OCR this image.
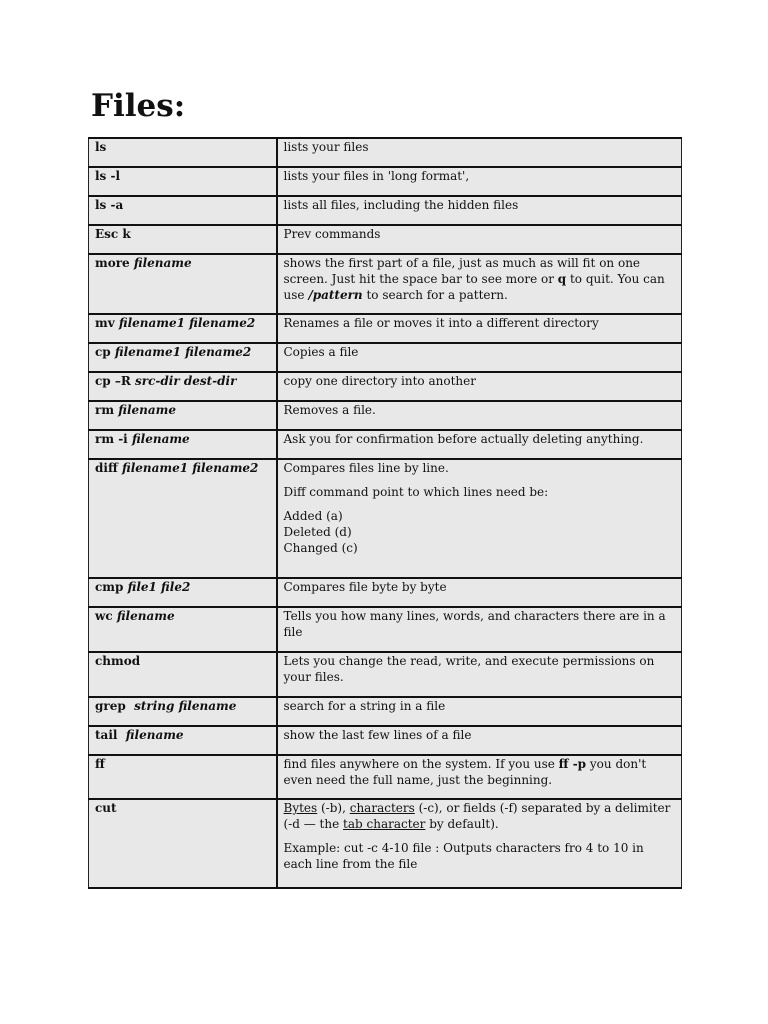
Files:
ls	lists your files
ls -l	lists your files in 'long format',
ls -a	lists all files, including the hidden files
Esc k	Prev commands
more filename	shows the first part of a file, just as much as will fit on one screen. Just hit the space bar to see more or q to quit. You can use /pattern to search for a pattern.
mv filename1 filename2	Renames a file or moves it into a different directory
cp filename1 filename2	Copies a file
cp –R src-dir dest-dir	copy one directory into another
rm filename	Removes a file.
rm -i filename	Ask you for confirmation before actually deleting anything.
diff filename1 filename2	Compares files line by line.
Diff command point to which lines need be:
Added (a)
Deleted (d)
Changed (c)

cmp file1 file2	Compares file byte by byte
wc filename	Tells you how many lines, words, and characters there are in a file
chmod	Lets you change the read, write, and execute permissions on your files.
grep string filename	search for a string in a file
tail filename	show the last few lines of a file
ff	find files anywhere on the system. If you use ff -p you don't even need the full name, just the beginning.
cut	Bytes (-b), characters (-c), or fields (-f) separated by a delimiter (-d — the tab character by default).
Example: cut -c 4-10 file : Outputs characters fro 4 to 10 in each line from the file
